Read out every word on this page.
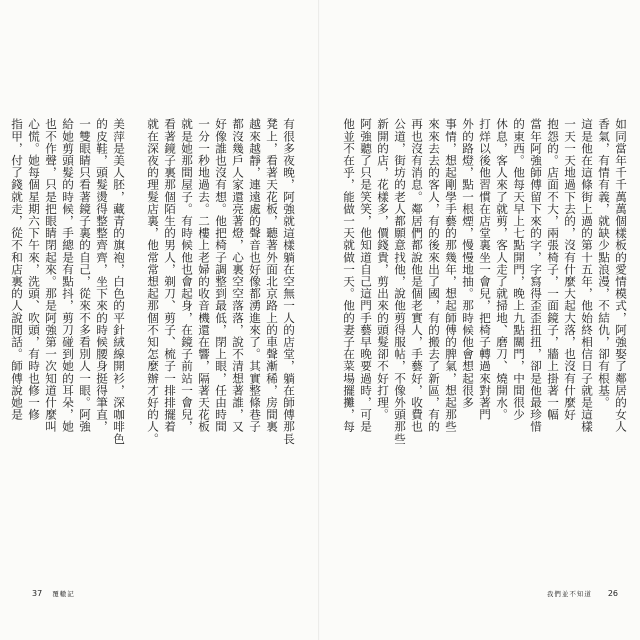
有很多夜晚，阿強就這樣躺在空無一人的店堂，躺在師傅那長
凳上，看著天花板，聽著外面北京路上的車聲漸稀，房間裏
越來越靜，連遠處的聲音也好像都湧進來了。其實整條巷子
都沒幾戶人家還亮著燈，心裏空空落落，說不清想著誰，又
好像誰也沒有想。他把椅子調整到最低，閉上眼，任由時間
一分一秒地過去。二樓上老婦的收音機還在響，隔著天花板
就是她那間屋子。有時候他也會起身，在鏡子前站一會兒，
看著鏡子裏那個陌生的男人，剃刀、剪子、梳子一排排擺着
就在深夜的理髮店裏，他常常想起那個不知怎麼辦才好的人。
美萍是美人胚，藏青的旗袍，白色的平針絨線開衫，深咖啡色
的皮鞋，頭髮燙得整整齊齊，坐下來的時候腰身挺得筆直，
一雙眼睛只看著鏡子裏的自己，從來不多看別人一眼。阿強
給她剪頭髮的時候，手總是有點抖，剪刀碰到她的耳朵，她
也不作聲，只是把眼睛閉起來。那是阿強第一次知道什麼叫
心慌。她每個星期六下午來，洗頭、吹頭，有時也修一修
指甲，付了錢就走，從不和店裏的人說閒話。師傅說她是
37 覆轍記
如同當年千千萬萬個樣板的愛情模式，阿強娶了鄰居的女人
香氣，有情有義，就缺少點浪漫，不結仇，卻有根基。
這是他在這條街上過的第十五年，他始終相信日子就是這樣
一天一天地過下去的，沒有什麼大起大落，也沒有什麼好
抱怨的。店面不大，兩張椅子，一面鏡子，牆上掛著一幅
當年阿強師傅留下來的字，字寫得歪歪扭扭，卻是他最珍惜
的東西。他每天早上七點開門，晚上九點關門，中間很少
休息，客人來了就剪，客人走了就掃地、磨刀、燒開水。
打烊以後他習慣在店堂裏坐一會兒，把椅子轉過來對著門
外的路燈，點一根煙，慢慢地抽。那時候他會想起很多
事情，想起剛學手藝的那幾年，想起師傅的脾氣，想起那些
來來去去的客人，有的後來出了國，有的搬去了新區，有的
再也沒有消息。鄰居們都說他是個老實人，手藝好，收費也
公道，街坊的老人都願意找他，說他剪得服帖，不像外頭那些
新開的店，花樣多，價錢貴，剪出來的頭髮卻不好打理。
阿強聽了只是笑笑，他知道自己這門手藝早晚要過時，可是
他並不在乎，能做一天就做一天。他的妻子在菜場擺攤，每
我們並不知道 26
